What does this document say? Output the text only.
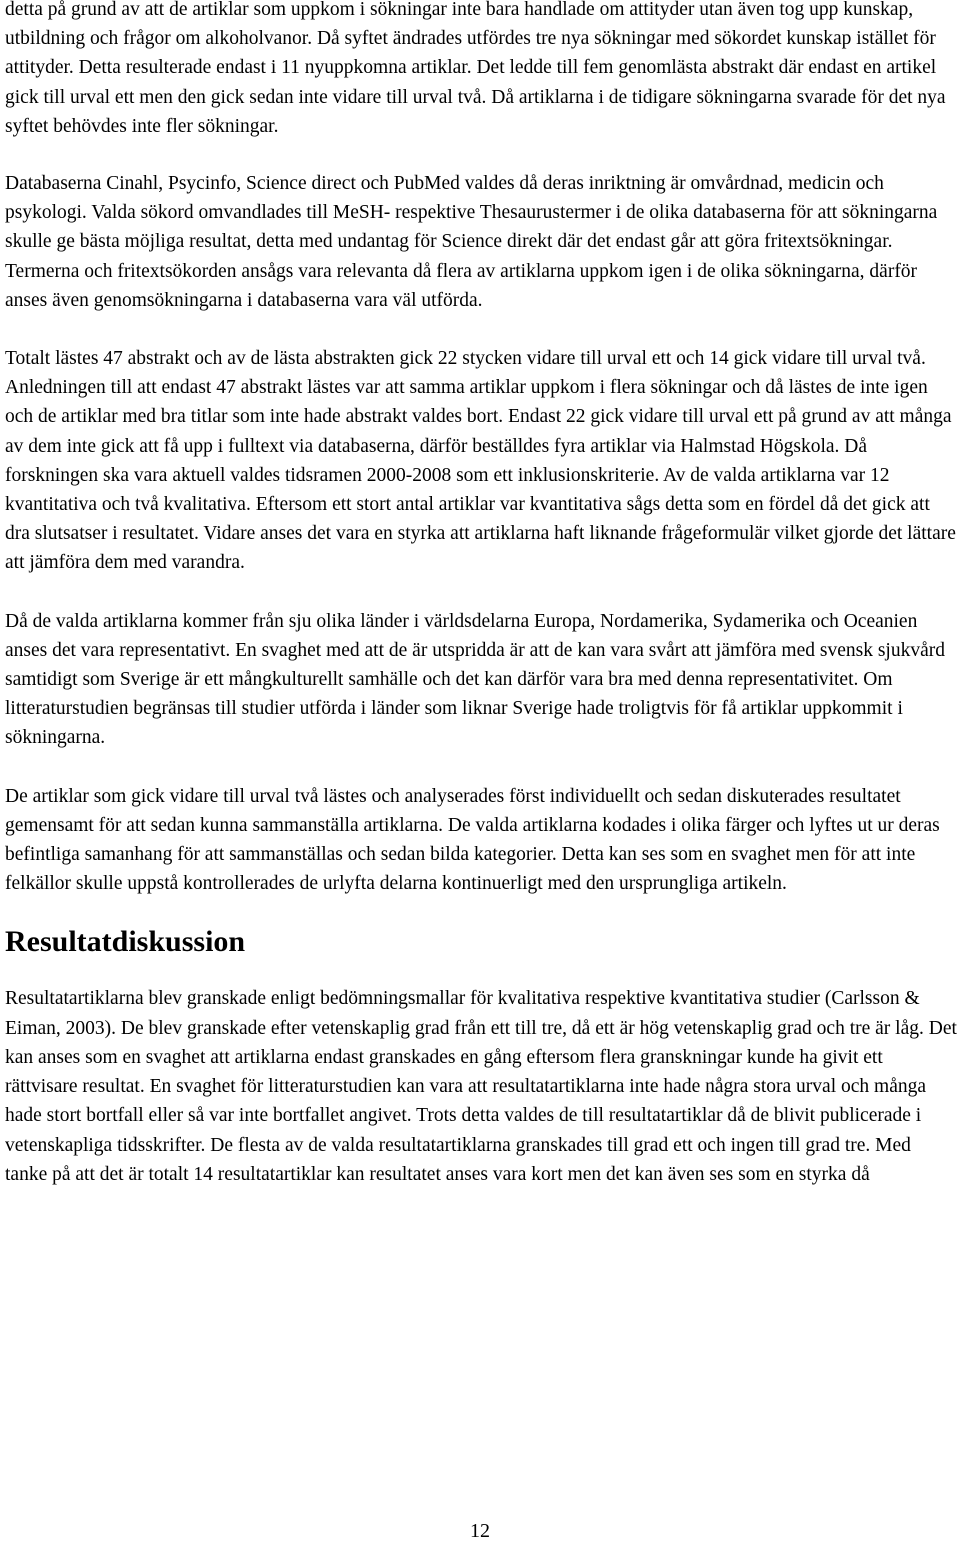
detta på grund av att de artiklar som uppkom i sökningar inte bara handlade om attityder utan även tog upp kunskap, utbildning och frågor om alkoholvanor. Då syftet ändrades utfördes tre nya sökningar med sökordet kunskap istället för attityder. Detta resulterade endast i 11 nyuppkomna artiklar. Det ledde till fem genomlästa abstrakt där endast en artikel gick till urval ett men den gick sedan inte vidare till urval två. Då artiklarna i de tidigare sökningarna svarade för det nya syftet behövdes inte fler sökningar.

Databaserna Cinahl, Psycinfo, Science direct och PubMed valdes då deras inriktning är omvårdnad, medicin och psykologi. Valda sökord omvandlades till MeSH- respektive Thesaurustermer i de olika databaserna för att sökningarna skulle ge bästa möjliga resultat, detta med undantag för Science direkt där det endast går att göra fritextsökningar. Termerna och fritextsökorden ansågs vara relevanta då flera av artiklarna uppkom igen i de olika sökningarna, därför anses även genomsökningarna i databaserna vara väl utförda.

Totalt lästes 47 abstrakt och av de lästa abstrakten gick 22 stycken vidare till urval ett och 14 gick vidare till urval två. Anledningen till att endast 47 abstrakt lästes var att samma artiklar uppkom i flera sökningar och då lästes de inte igen och de artiklar med bra titlar som inte hade abstrakt valdes bort. Endast 22 gick vidare till urval ett på grund av att många av dem inte gick att få upp i fulltext via databaserna, därför beställdes fyra artiklar via Halmstad Högskola. Då forskningen ska vara aktuell valdes tidsramen 2000-2008 som ett inklusionskriterie. Av de valda artiklarna var 12 kvantitativa och två kvalitativa. Eftersom ett stort antal artiklar var kvantitativa sågs detta som en fördel då det gick att dra slutsatser i resultatet. Vidare anses det vara en styrka att artiklarna haft liknande frågeformulär vilket gjorde det lättare att jämföra dem med varandra.

Då de valda artiklarna kommer från sju olika länder i världsdelarna Europa, Nordamerika, Sydamerika och Oceanien anses det vara representativt. En svaghet med att de är utspridda är att de kan vara svårt att jämföra med svensk sjukvård samtidigt som Sverige är ett mångkulturellt samhälle och det kan därför vara bra med denna representativitet. Om litteraturstudien begränsas till studier utförda i länder som liknar Sverige hade troligtvis för få artiklar uppkommit i sökningarna.

De artiklar som gick vidare till urval två lästes och analyserades först individuellt och sedan diskuterades resultatet gemensamt för att sedan kunna sammanställa artiklarna. De valda artiklarna kodades i olika färger och lyftes ut ur deras befintliga samanhang för att sammanställas och sedan bilda kategorier. Detta kan ses som en svaghet men för att inte felkällor skulle uppstå kontrollerades de urlyfta delarna kontinuerligt med den ursprungliga artikeln.

Resultatdiskussion

Resultatartiklarna blev granskade enligt bedömningsmallar för kvalitativa respektive kvantitativa studier (Carlsson & Eiman, 2003). De blev granskade efter vetenskaplig grad från ett till tre, då ett är hög vetenskaplig grad och tre är låg. Det kan anses som en svaghet att artiklarna endast granskades en gång eftersom flera granskningar kunde ha givit ett rättvisare resultat. En svaghet för litteraturstudien kan vara att resultatartiklarna inte hade några stora urval och många hade stort bortfall eller så var inte bortfallet angivet. Trots detta valdes de till resultatartiklar då de blivit publicerade i vetenskapliga tidsskrifter. De flesta av de valda resultatartiklarna granskades till grad ett och ingen till grad tre. Med tanke på att det är totalt 14 resultatartiklar kan resultatet anses vara kort men det kan även ses som en styrka då

12
